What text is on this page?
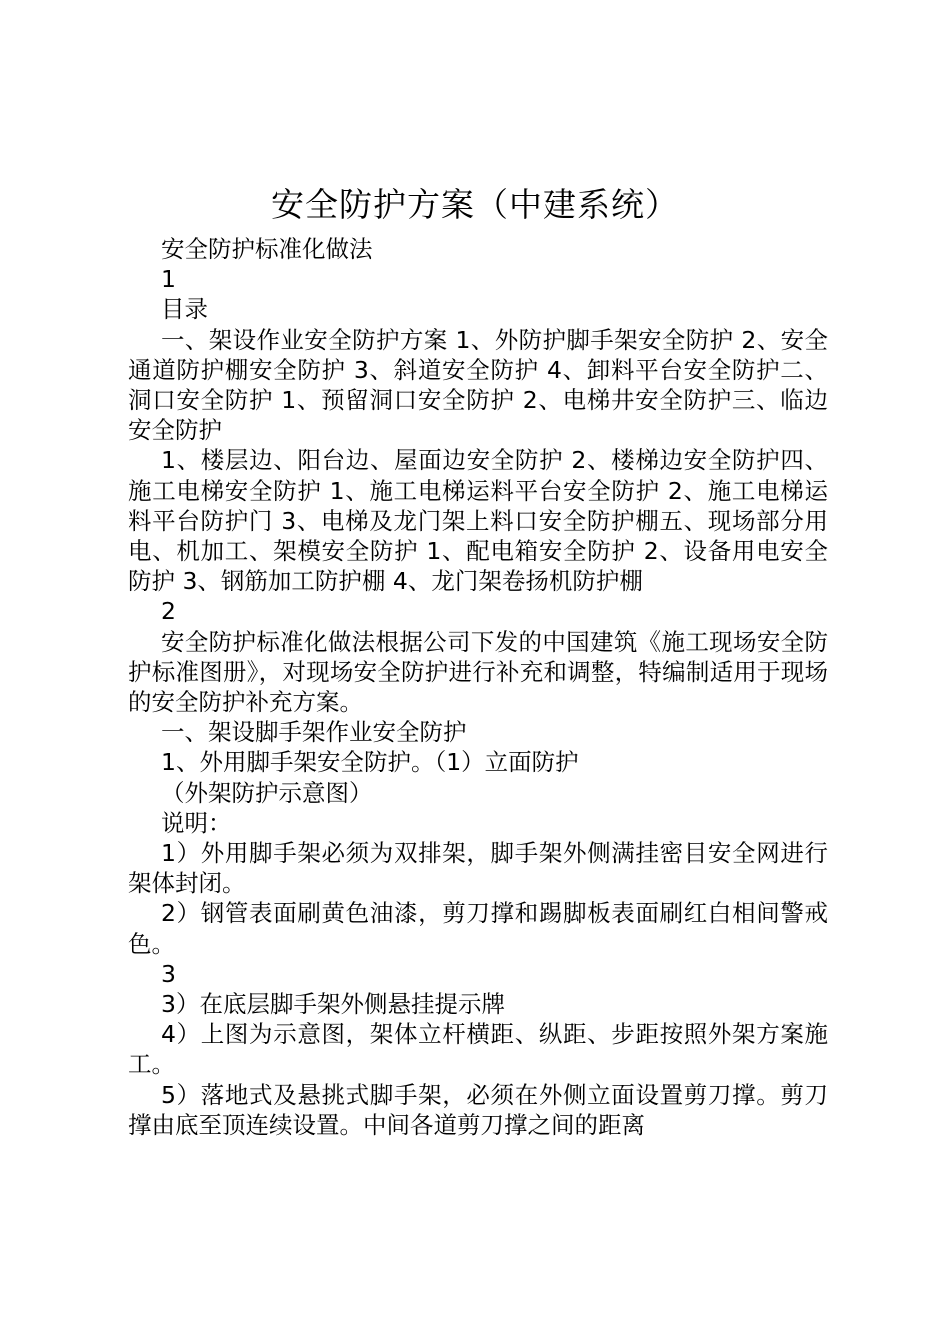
安全防护方案（中建系统）

安全防护标准化做法

1

目录

一、架设作业安全防护方案 1、外防护脚手架安全防护 2、安全通道防护棚安全防护 3、斜道安全防护 4、卸料平台安全防护二、洞口安全防护 1、预留洞口安全防护 2、电梯井安全防护三、临边安全防护

1、楼层边、阳台边、屋面边安全防护 2、楼梯边安全防护四、施工电梯安全防护 1、施工电梯运料平台安全防护 2、施工电梯运料平台防护门 3、电梯及龙门架上料口安全防护棚五、现场部分用电、机加工、架模安全防护 1、配电箱安全防护 2、设备用电安全防护 3、钢筋加工防护棚 4、龙门架卷扬机防护棚

2

安全防护标准化做法根据公司下发的中国建筑《施工现场安全防护标准图册》，对现场安全防护进行补充和调整，特编制适用于现场的安全防护补充方案。

一、架设脚手架作业安全防护

1、外用脚手架安全防护。（1）立面防护

（外架防护示意图）

说明：

1）外用脚手架必须为双排架，脚手架外侧满挂密目安全网进行架体封闭。

2）钢管表面刷黄色油漆，剪刀撑和踢脚板表面刷红白相间警戒色。

3

3）在底层脚手架外侧悬挂提示牌

4）上图为示意图，架体立杆横距、纵距、步距按照外架方案施工。

5）落地式及悬挑式脚手架，必须在外侧立面设置剪刀撑。剪刀撑由底至顶连续设置。中间各道剪刀撑之间的距离
